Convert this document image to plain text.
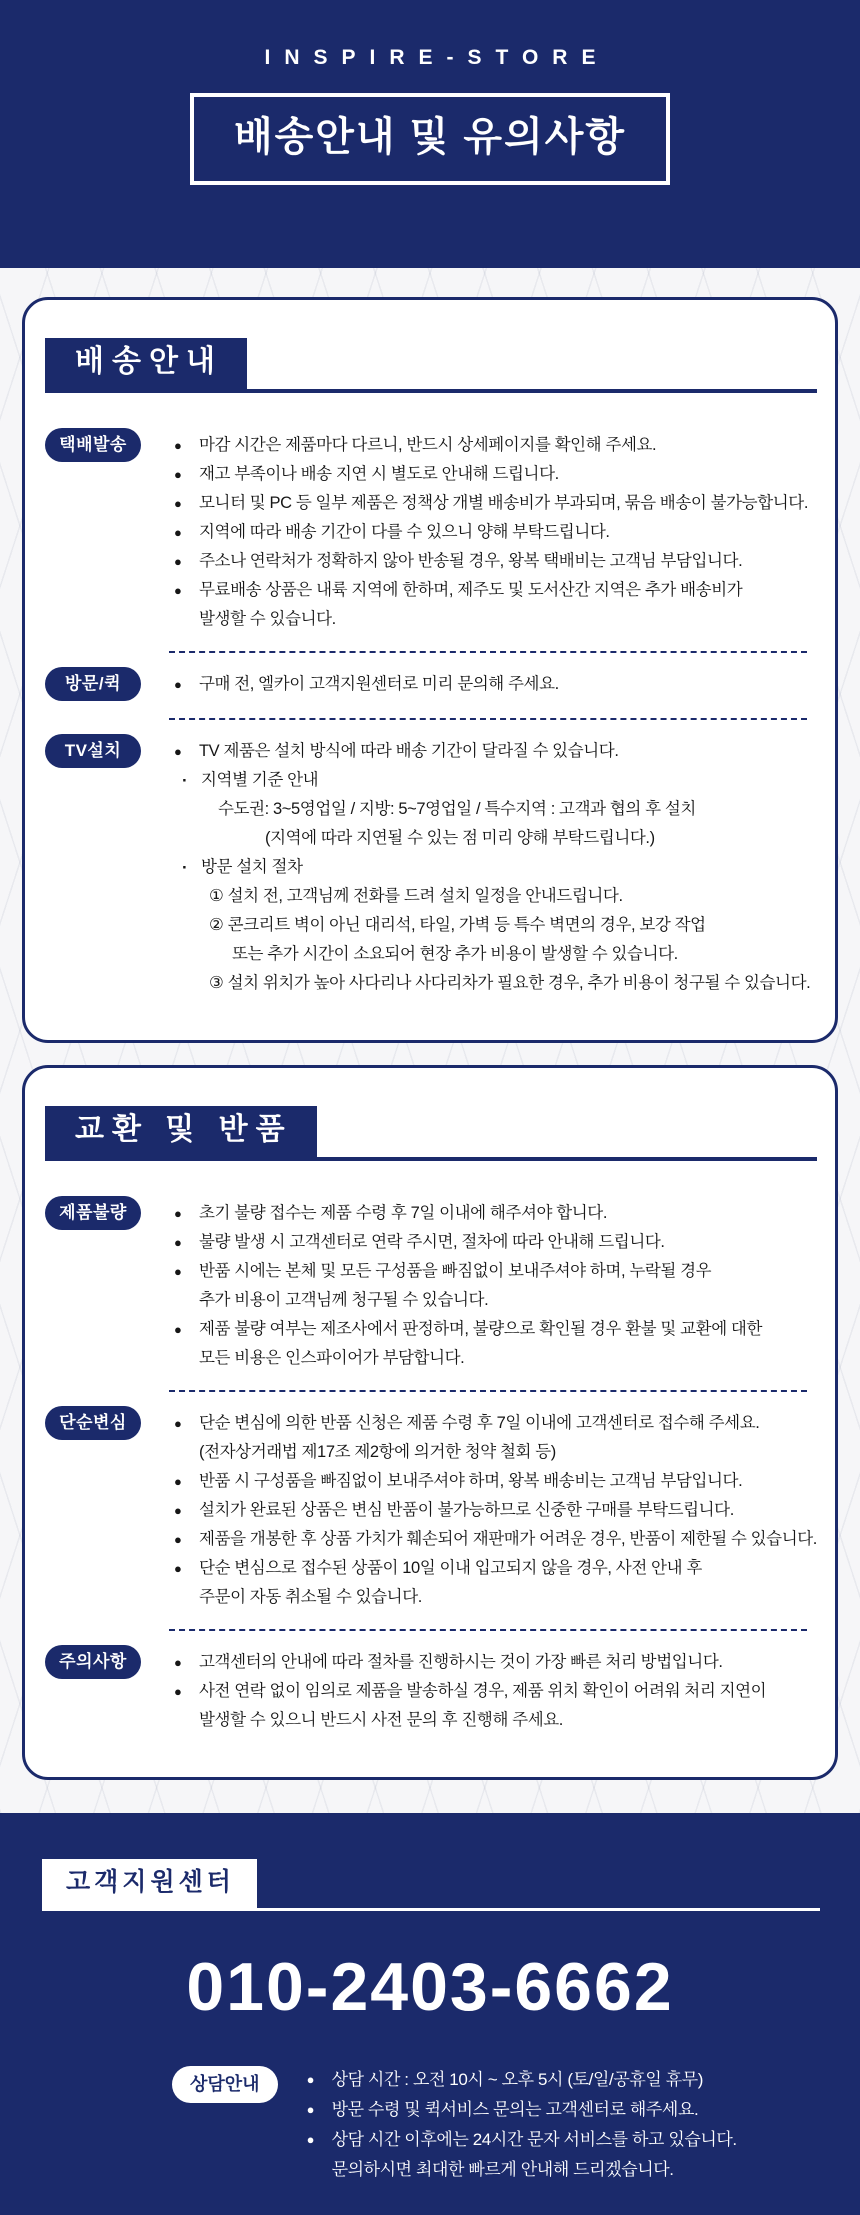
INSPIRE-STORE
배송안내 및 유의사항
배송안내
택배발송	● 마감 시간은 제품마다 다르니, 반드시 상세페이지를 확인해 주세요.
● 재고 부족이나 배송 지연 시 별도로 안내해 드립니다.
● 모니터 및 PC 등 일부 제품은 정책상 개별 배송비가 부과되며, 묶음 배송이 불가능합니다.
● 지역에 따라 배송 기간이 다를 수 있으니 양해 부탁드립니다.
● 주소나 연락처가 정확하지 않아 반송될 경우, 왕복 택배비는 고객님 부담입니다.
● 무료배송 상품은 내륙 지역에 한하며, 제주도 및 도서산간 지역은 추가 배송비가
발생할 수 있습니다.
방문/퀵	● 구매 전, 엘카이 고객지원센터로 미리 문의해 주세요.
TV설치	● TV 제품은 설치 방식에 따라 배송 기간이 달라질 수 있습니다.
· 지역별 기준 안내
수도권: 3~5영업일 / 지방: 5~7영업일 / 특수지역 : 고객과 협의 후 설치
(지역에 따라 지연될 수 있는 점 미리 양해 부탁드립니다.)
· 방문 설치 절차
① 설치 전, 고객님께 전화를 드려 설치 일정을 안내드립니다.
② 콘크리트 벽이 아닌 대리석, 타일, 가벽 등 특수 벽면의 경우, 보강 작업
또는 추가 시간이 소요되어 현장 추가 비용이 발생할 수 있습니다.
③ 설치 위치가 높아 사다리나 사다리차가 필요한 경우, 추가 비용이 청구될 수 있습니다.
교환 및 반품
제품불량	● 초기 불량 접수는 제품 수령 후 7일 이내에 해주셔야 합니다.
● 불량 발생 시 고객센터로 연락 주시면, 절차에 따라 안내해 드립니다.
● 반품 시에는 본체 및 모든 구성품을 빠짐없이 보내주셔야 하며, 누락될 경우
추가 비용이 고객님께 청구될 수 있습니다.
● 제품 불량 여부는 제조사에서 판정하며, 불량으로 확인될 경우 환불 및 교환에 대한
모든 비용은 인스파이어가 부담합니다.
단순변심	● 단순 변심에 의한 반품 신청은 제품 수령 후 7일 이내에 고객센터로 접수해 주세요.
(전자상거래법 제17조 제2항에 의거한 청약 철회 등)
● 반품 시 구성품을 빠짐없이 보내주셔야 하며, 왕복 배송비는 고객님 부담입니다.
● 설치가 완료된 상품은 변심 반품이 불가능하므로 신중한 구매를 부탁드립니다.
● 제품을 개봉한 후 상품 가치가 훼손되어 재판매가 어려운 경우, 반품이 제한될 수 있습니다.
● 단순 변심으로 접수된 상품이 10일 이내 입고되지 않을 경우, 사전 안내 후
주문이 자동 취소될 수 있습니다.
주의사항	● 고객센터의 안내에 따라 절차를 진행하시는 것이 가장 빠른 처리 방법입니다.
● 사전 연락 없이 임의로 제품을 발송하실 경우, 제품 위치 확인이 어려워 처리 지연이
발생할 수 있으니 반드시 사전 문의 후 진행해 주세요.
고객지원센터
010-2403-6662
상담안내	● 상담 시간 : 오전 10시 ~ 오후 5시 (토/일/공휴일 휴무)
● 방문 수령 및 퀵서비스 문의는 고객센터로 해주세요.
● 상담 시간 이후에는 24시간 문자 서비스를 하고 있습니다.
문의하시면 최대한 빠르게 안내해 드리겠습니다.
